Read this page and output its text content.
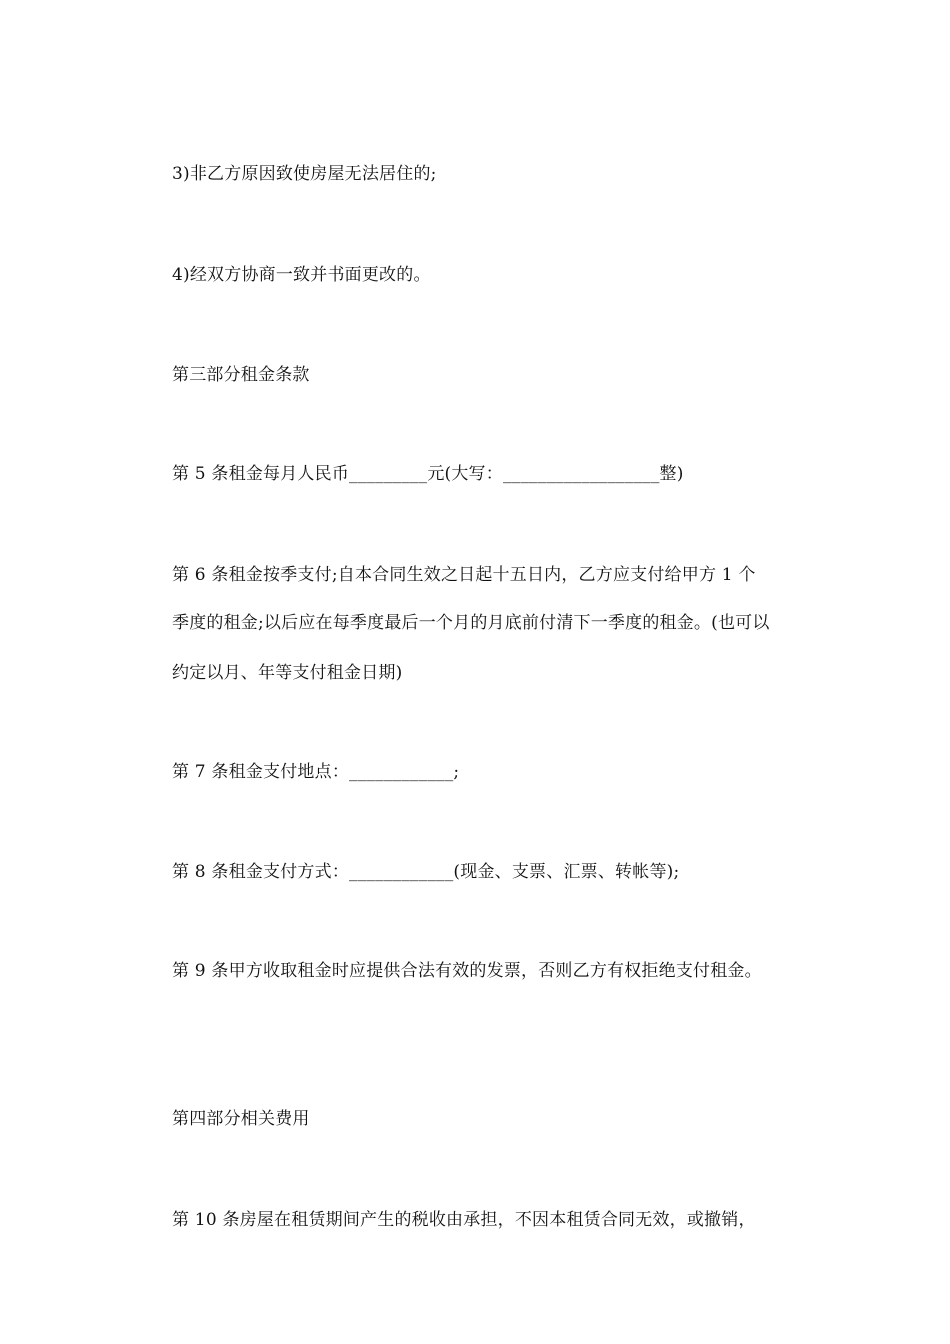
3)非乙方原因致使房屋无法居住的;
4)经双方协商一致并书面更改的。
第三部分租金条款
第 5 条租金每月人民币_________元(大写：__________________整)
第 6 条租金按季支付;自本合同生效之日起十五日内，乙方应支付给甲方 1 个
季度的租金;以后应在每季度最后一个月的月底前付清下一季度的租金。(也可以
约定以月、年等支付租金日期)
第 7 条租金支付地点：____________;
第 8 条租金支付方式：____________(现金、支票、汇票、转帐等);
第 9 条甲方收取租金时应提供合法有效的发票，否则乙方有权拒绝支付租金。
第四部分相关费用
第 10 条房屋在租赁期间产生的税收由承担，不因本租赁合同无效，或撤销，
